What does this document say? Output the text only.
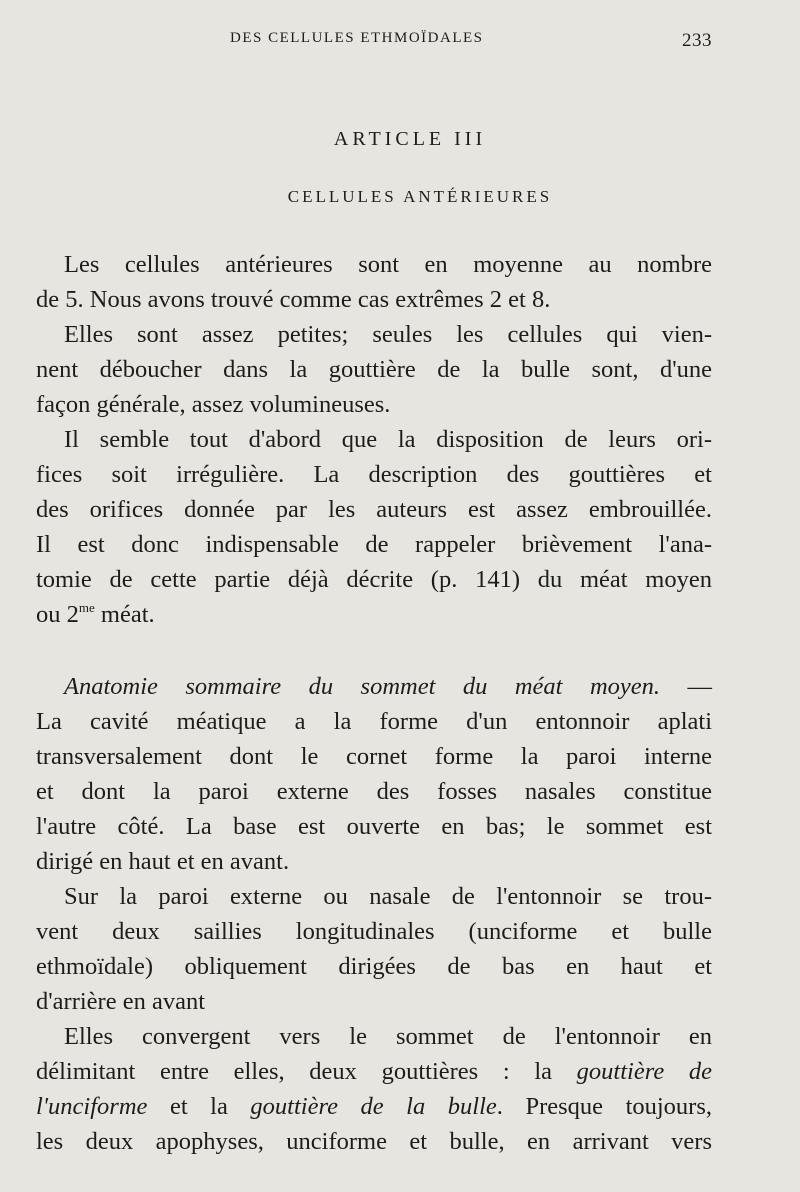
DES CELLULES ETHMOÏDALES	233
ARTICLE III
CELLULES ANTÉRIEURES
Les cellules antérieures sont en moyenne au nombre
de 5. Nous avons trouvé comme cas extrêmes 2 et 8.
Elles sont assez petites; seules les cellules qui vien-
nent déboucher dans la gouttière de la bulle sont, d'une
façon générale, assez volumineuses.
Il semble tout d'abord que la disposition de leurs ori-
fices soit irrégulière. La description des gouttières et
des orifices donnée par les auteurs est assez embrouillée.
Il est donc indispensable de rappeler brièvement l'ana-
tomie de cette partie déjà décrite (p. 141) du méat moyen
ou $2^{me}$ méat.
Anatomie sommaire du sommet du méat moyen. —
La cavité méatique a la forme d'un entonnoir aplati
transversalement dont le cornet forme la paroi interne
et dont la paroi externe des fosses nasales constitue
l'autre côté. La base est ouverte en bas; le sommet est
dirigé en haut et en avant.
Sur la paroi externe ou nasale de l'entonnoir se trou-
vent deux saillies longitudinales (unciforme et bulle
ethmoïdale) obliquement dirigées de bas en haut et
d'arrière en avant
Elles convergent vers le sommet de l'entonnoir en
délimitant entre elles, deux gouttières : la gouttière de
l'unciforme et la gouttière de la bulle. Presque toujours,
les deux apophyses, unciforme et bulle, en arrivant vers
